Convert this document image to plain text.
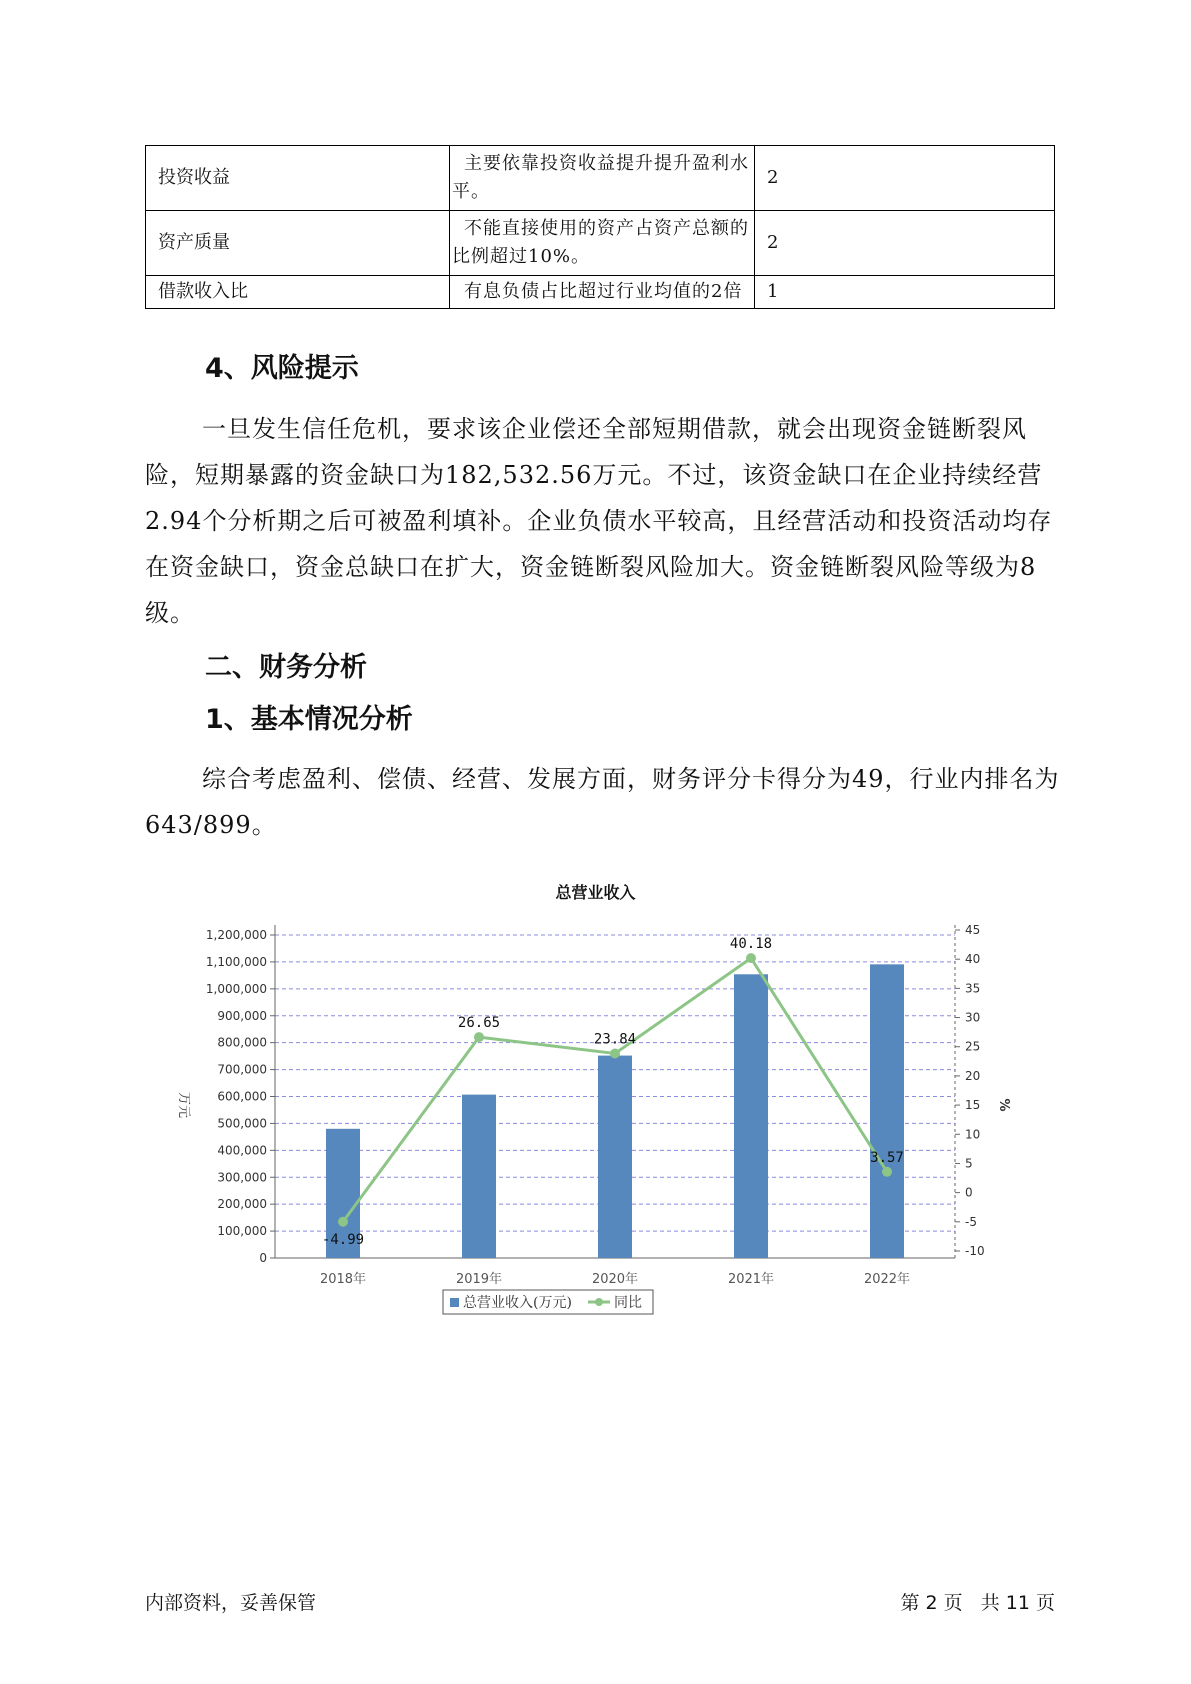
投资收益	主要依靠投资收益提升提升盈利水平。	2
资产质量	不能直接使用的资产占资产总额的比例超过10%。	2
借款收入比	有息负债占比超过行业均值的2倍	1
4、风险提示

一旦发生信任危机，要求该企业偿还全部短期借款，就会出现资金链断裂风险，短期暴露的资金缺口为182,532.56万元。不过，该资金缺口在企业持续经营 2.94个分析期之后可被盈利填补。企业负债水平较高，且经营活动和投资活动均存在资金缺口，资金总缺口在扩大，资金链断裂风险加大。资金链断裂风险等级为8级。

二、财务分析
1、基本情况分析

综合考虑盈利、偿债、经营、发展方面，财务评分卡得分为49，行业内排名为643/899。

总营业收入
0
100,000
200,000
300,000
400,000
500,000
600,000
700,000
800,000
900,000
1,000,000
1,100,000
1,200,000
-10
-5
0
5
10
15
20
25
30
35
40
45
万元	%
2018年	2019年	2020年	2021年	2022年
-4.99
26.65
23.84
40.18
3.57
总营业收入(万元)	同比
内部资料，妥善保管	第 2 页   共 11 页
